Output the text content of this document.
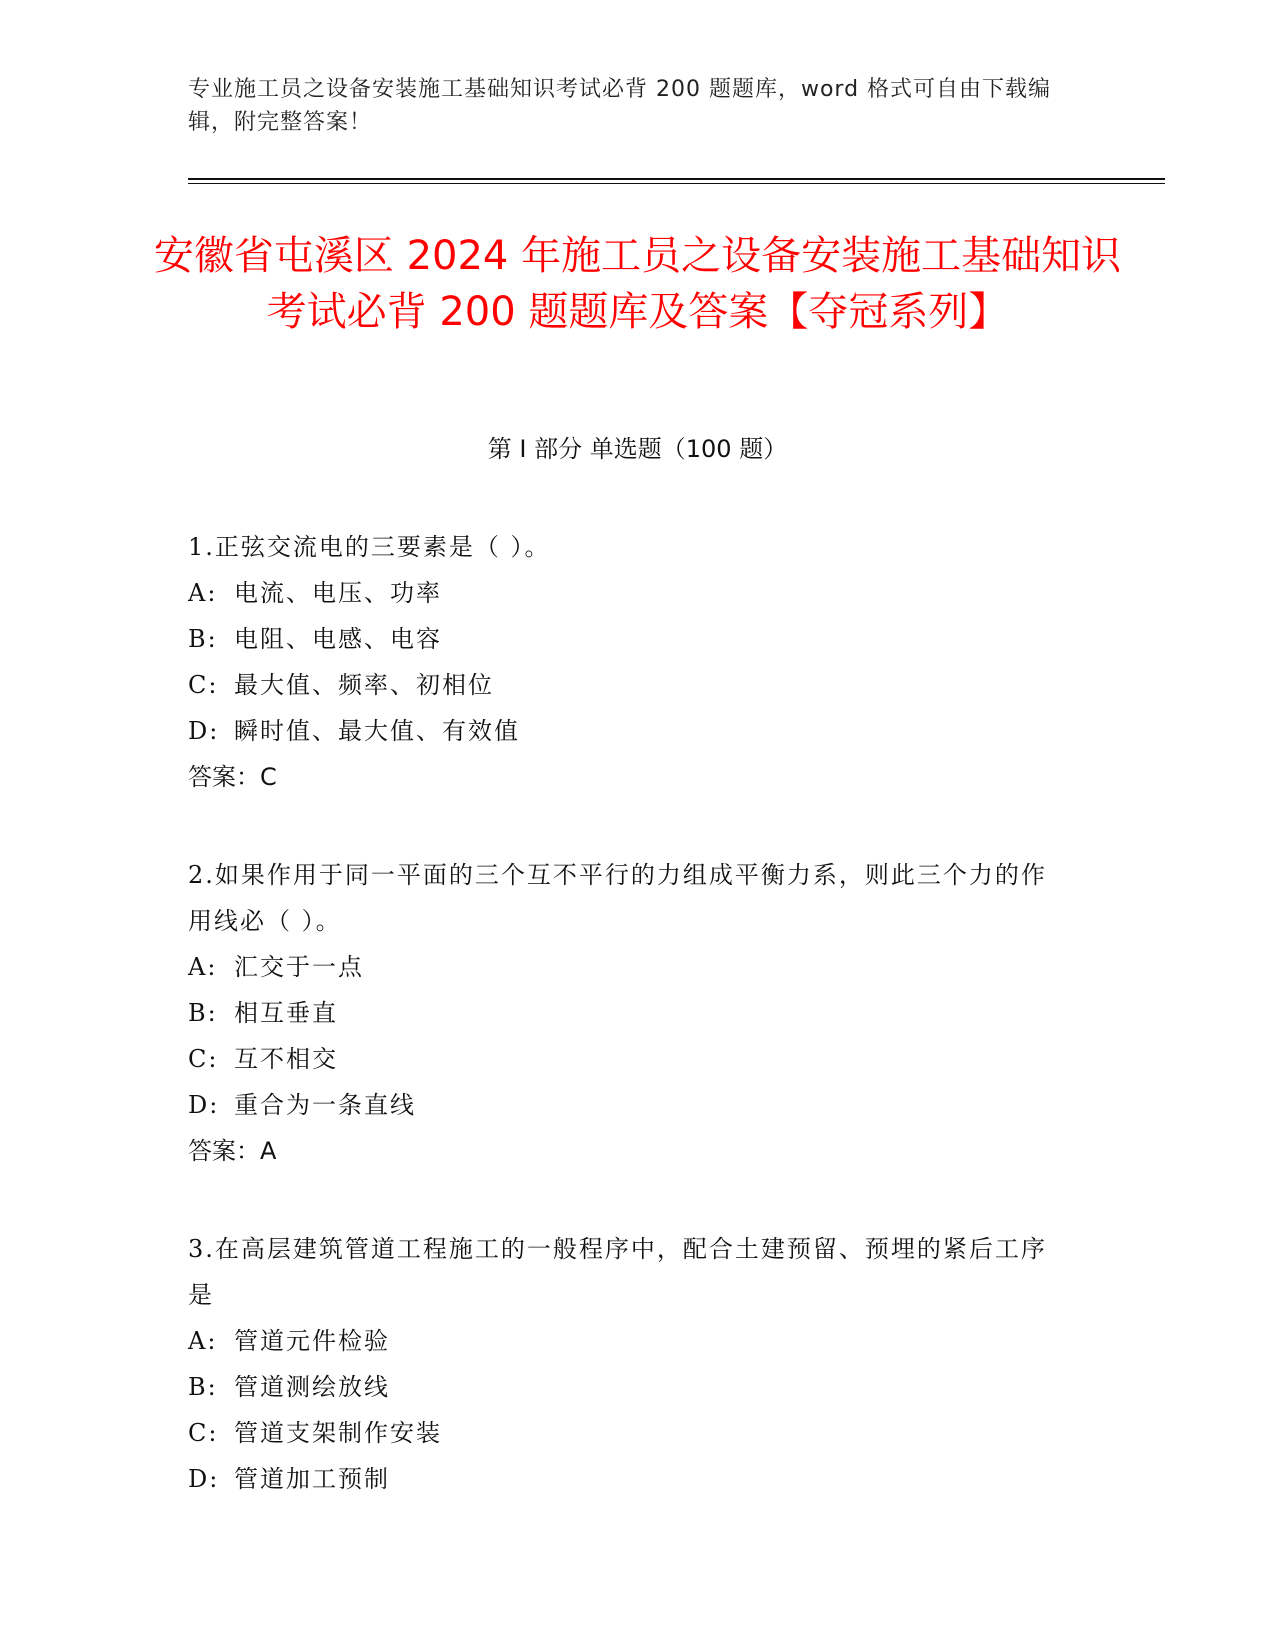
专业施工员之设备安装施工基础知识考试必背 200 题题库，word 格式可自由下载编辑，附完整答案！
安徽省屯溪区 2024 年施工员之设备安装施工基础知识考试必背 200 题题库及答案【夺冠系列】
第 I 部分 单选题（100 题）
1.正弦交流电的三要素是（ ）。
A: 电流、电压、功率
B: 电阻、电感、电容
C: 最大值、频率、初相位
D: 瞬时值、最大值、有效值
答案：C
2.如果作用于同一平面的三个互不平行的力组成平衡力系，则此三个力的作用线必（ ）。
A: 汇交于一点
B: 相互垂直
C: 互不相交
D: 重合为一条直线
答案：A
3.在高层建筑管道工程施工的一般程序中，配合土建预留、预埋的紧后工序是
A: 管道元件检验
B: 管道测绘放线
C: 管道支架制作安装
D: 管道加工预制
